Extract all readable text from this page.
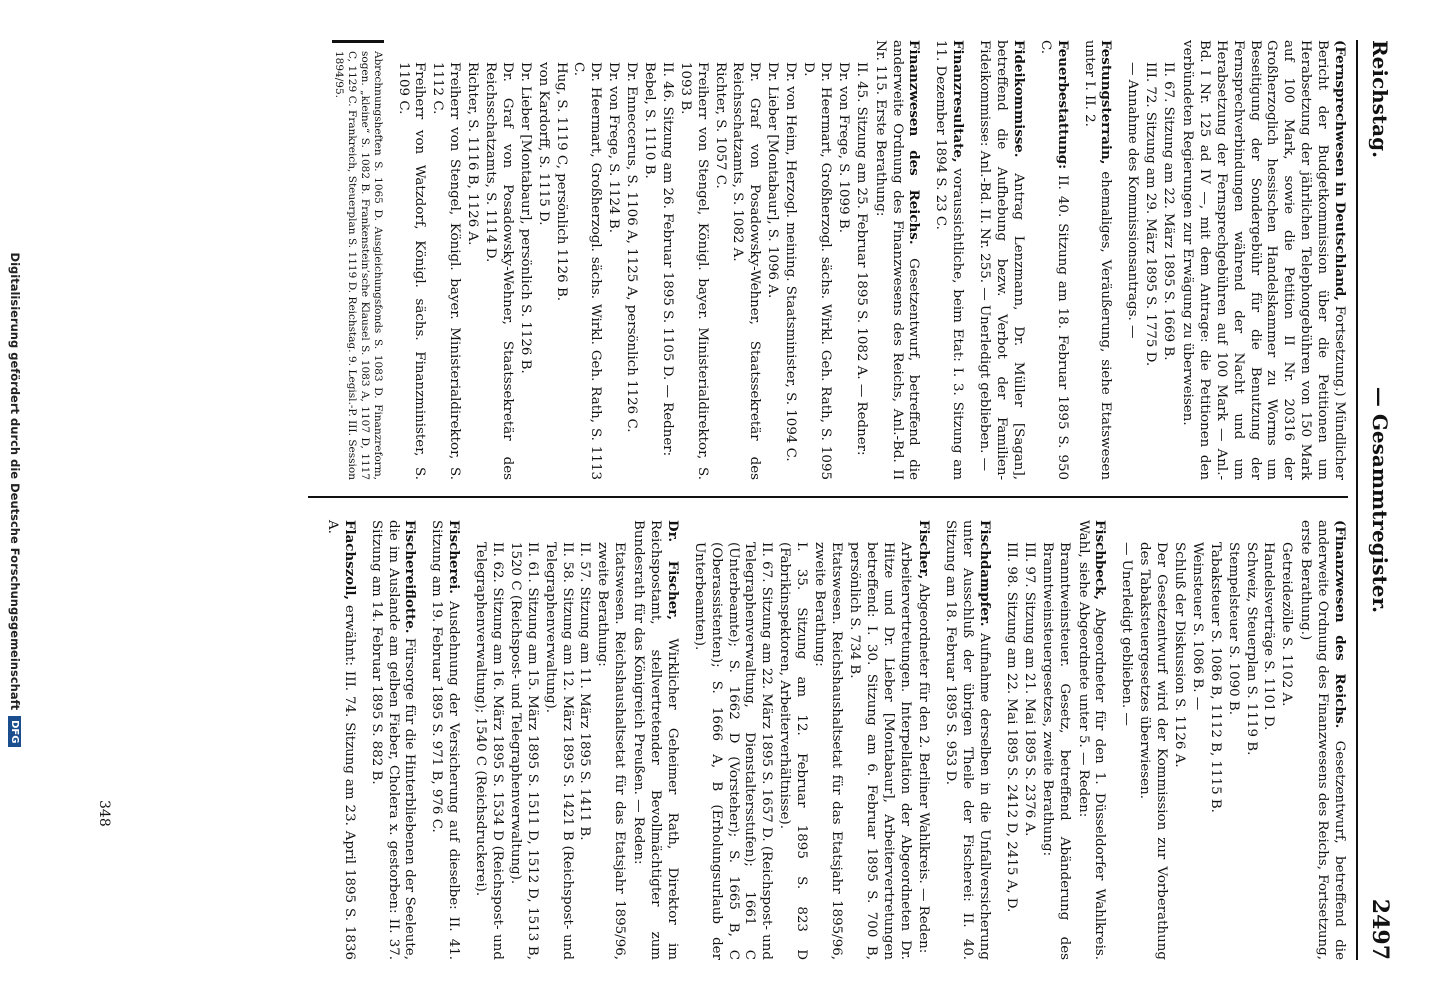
Reichstag.
— Gesammtregister.
2497
(Fernsprechwesen in Deutschland, Fortsetzung.) Mündlicher Bericht der Budgetkommission über die Petitionen um Herabsetzung der jährlichen Telephongebühren von 150 Mark auf 100 Mark, sowie die Petition II Nr. 20316 der Großherzoglich hessischen Handelskammer zu Worms um Beseitigung der Sondergebühr für die Benutzung der Fernsprechverbindungen während der Nacht und um Herabsetzung der Fernsprechgebühren auf 100 Mark — Anl.-Bd. I Nr. 125 ad IV —, mit dem Antrage: die Petitionen den verbündeten Regierungen zur Erwägung zu überweisen.
II. 67. Sitzung am 22. März 1895 S. 1669 B.
III. 72. Sitzung am 29. März 1895 S. 1775 D.
— Annahme des Kommissionsantrags. —
Festungsterrain, ehemaliges, Veräußerung, siehe Etatswesen unter I. II. 2.
Feuerbestattung: II. 40. Sitzung am 18. Februar 1895 S. 950 C.
Fideikommisse. Antrag Lenzmann, Dr. Müller [Sagan], betreffend die Aufhebung bezw. Verbot der Familien-Fideikommisse: Anl.-Bd. II. Nr. 255. — Unerledigt geblieben. —
Finanzresultate, voraussichtliche, beim Etat: I. 3. Sitzung am 11. Dezember 1894 S. 23 C.
Finanzwesen des Reichs. Gesetzentwurf, betreffend die anderweite Ordnung des Finanzwesens des Reichs, Anl.-Bd. II Nr. 115. Erste Berathung:
II. 45. Sitzung am 25. Februar 1895 S. 1082 A. — Redner:
Dr. von Frege, S. 1099 B.
Dr. Heermart, Großherzogl. sächs. Wirkl. Geh. Rath, S. 1095 D.
Dr. von Heim, Herzogl. meining. Staatsminister, S. 1094 C.
Dr. Lieber [Montabaur], S. 1096 A.
Dr. Graf von Posadowsky-Wehner, Staatssekretär des Reichsschatzamts, S. 1082 A.
Richter, S. 1057 C.
Freiherr von Stengel, Königl. bayer. Ministerialdirektor, S. 1093 B.
II. 46. Sitzung am 26. Februar 1895 S. 1105 D. — Redner:
Bebel, S. 1110 B.
Dr. Enneccerus, S. 1106 A, 1125 A, persönlich 1126 C.
Dr. von Frege, S. 1124 B.
Dr. Heermart, Großherzogl. sächs. Wirkl. Geh. Rath, S. 1113 C.
Hug, S. 1119 C, persönlich 1126 B.
von Kardorff, S. 1115 D.
Dr. Lieber [Montabaur], persönlich S. 1126 B.
Dr. Graf von Posadowsky-Wehner, Staatssekretär des Reichsschatzamts, S. 1114 D.
Richter, S. 1116 B, 1126 A.
Freiherr von Stengel, Königl. bayer. Ministerialdirektor, S. 1112 C.
Freiherr von Watzdorf, Königl. sächs. Finanzminister, S. 1109 C.
Abrechnungsheften S. 1065 D. Ausgleichungsfonds S. 1083 D. Finanzreform, sogen. „kleine“ S. 1082 B. Frankenstein’sche Klausel S. 1083 A, 1107 D, 1117 C, 1129 C. Frankreich, Steuerplan S. 1119 D. Reichstag. 9. Legisl.-P. III. Session 1894/95.
(Finanzwesen des Reichs. Gesetzentwurf, betreffend die anderweite Ordnung des Finanzwesens des Reichs, Fortsetzung, erste Berathung.)
Getreidezölle S. 1102 A.
Handelsverträge S. 1101 D.
Schweiz, Steuerplan S. 1119 B.
Stempelsteuer S. 1090 B.
Tabaksteuer S. 1086 B, 1112 B, 1115 B.
Weinsteuer S. 1086 B. —
Schluß der Diskussion S. 1126 A.
Der Gesetzentwurf wird der Kommission zur Vorberathung des Tabaksteuergesetzes überwiesen.
— Unerledigt geblieben. —
Fischbeck, Abgeordneter für den 1. Düsseldorfer Wahlkreis. Wahl, siehe Abgeordnete unter 5. — Reden:
Branntweinsteuer. Gesetz, betreffend Abänderung des Branntweinsteuergesetzes, zweite Berathung:
III. 97. Sitzung am 21. Mai 1895 S. 2376 A.
III. 98. Sitzung am 22. Mai 1895 S. 2412 D, 2415 A, D.
Fischdampfer. Aufnahme derselben in die Unfallversicherung unter Ausschluß der übrigen Theile der Fischerei: II. 40. Sitzung am 18. Februar 1895 S. 953 D.
Fischer, Abgeordneter für den 2. Berliner Wahlkreis. — Reden:
Arbeitervertretungen. Interpellation der Abgeordneten Dr. Hitze und Dr. Lieber [Montabaur], Arbeitervertretungen betreffend: I. 30. Sitzung am 6. Februar 1895 S. 700 B, persönlich S. 734 B.
Etatswesen. Reichshaushaltsetat für das Etatsjahr 1895/96, zweite Berathung:
I. 35. Sitzung am 12. Februar 1895 S. 823 D (Fabrikinspektoren, Arbeiterverhältnisse).
II. 67. Sitzung am 22. März 1895 S. 1657 D. (Reichspost- und Telegraphenverwaltung, Dienstaltersstufen); 1661 C (Unterbeamte); S. 1662 D (Vorsteher); S. 1665 B, C (Oberassistenten); S. 1666 A, B (Erholungsurlaub der Unterbeamten).
Dr. Fischer, Wirklicher Geheimer Rath, Direktor im Reichspostamt, stellvertretender Bevollmächtigter zum Bundesrath für das Königreich Preußen. — Reden:
Etatswesen. Reichshaushaltsetat für das Etatsjahr 1895/96, zweite Berathung:
II. 57. Sitzung am 11. März 1895 S. 1411 B.
II. 58. Sitzung am 12. März 1895 S. 1421 B (Reichspost- und Telegraphenverwaltung).
II. 61. Sitzung am 15. März 1895 S. 1511 D, 1512 D, 1513 B, 1520 C (Reichspost- und Telegraphenverwaltung).
II. 62. Sitzung am 16. März 1895 S. 1534 D (Reichspost- und Telegraphenverwaltung); 1540 C (Reichsdruckerei).
Fischerei. Ausdehnung der Versicherung auf dieselbe: II. 41. Sitzung am 19. Februar 1895 S. 971 B, 976 C.
Fischereiflotte. Fürsorge für die Hinterbliebenen der Seeleute, die im Auslande am gelben Fieber, Cholera x. gestorben: II. 37. Sitzung am 14. Februar 1895 S. 882 B.
Flachszoll, erwähnt: III. 74. Sitzung am 23. April 1895 S. 1836 A.
348
Digitalisierung gefördert durch die Deutsche Forschungsgemeinschaft
DFG
